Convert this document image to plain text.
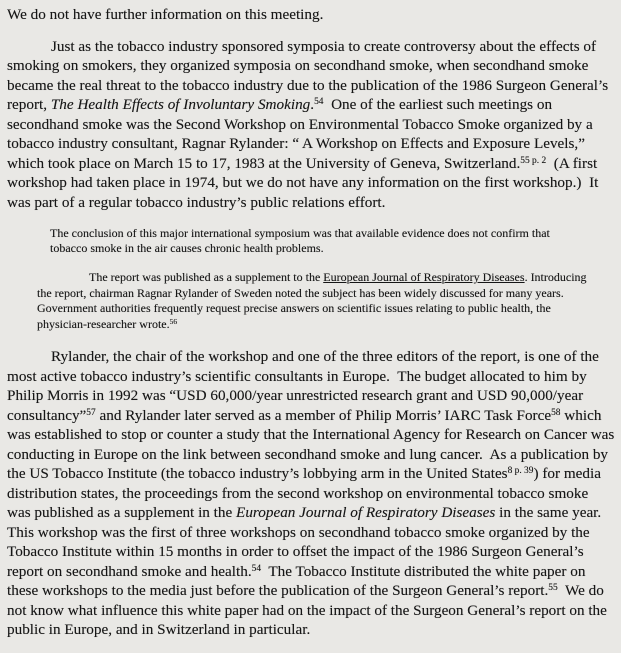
We do not have further information on this meeting.

Just as the tobacco industry sponsored symposia to create controversy about the effects of smoking on smokers, they organized symposia on secondhand smoke, when secondhand smoke became the real threat to the tobacco industry due to the publication of the 1986 Surgeon General’s report, The Health Effects of Involuntary Smoking.$^{54}$  One of the earliest such meetings on secondhand smoke was the Second Workshop on Environmental Tobacco Smoke organized by a tobacco industry consultant, Ragnar Rylander: “ A Workshop on Effects and Exposure Levels,” which took place on March 15 to 17, 1983 at the University of Geneva, Switzerland.$^{55 p. 2}$  (A first workshop had taken place in 1974, but we do not have any information on the first workshop.)  It was part of a regular tobacco industry’s public relations effort.

The conclusion of this major international symposium was that available evidence does not confirm that tobacco smoke in the air causes chronic health problems.

The report was published as a supplement to the European Journal of Respiratory Diseases. Introducing the report, chairman Ragnar Rylander of Sweden noted the subject has been widely discussed for many years. Government authorities frequently request precise answers on scientific issues relating to public health, the physician-researcher wrote.$^{56}$

Rylander, the chair of the workshop and one of the three editors of the report, is one of the most active tobacco industry’s scientific consultants in Europe.  The budget allocated to him by Philip Morris in 1992 was “USD 60,000/year unrestricted research grant and USD 90,000/year consultancy”$^{57}$ and Rylander later served as a member of Philip Morris’ IARC Task Force$^{58}$ which was established to stop or counter a study that the International Agency for Research on Cancer was conducting in Europe on the link between secondhand smoke and lung cancer.  As a publication by the US Tobacco Institute (the tobacco industry’s lobbying arm in the United States$^{8 p. 39}$) for media distribution states, the proceedings from the second workshop on environmental tobacco smoke was published as a supplement in the European Journal of Respiratory Diseases in the same year.  This workshop was the first of three workshops on secondhand tobacco smoke organized by the Tobacco Institute within 15 months in order to offset the impact of the 1986 Surgeon General’s report on secondhand smoke and health.$^{54}$  The Tobacco Institute distributed the white paper on these workshops to the media just before the publication of the Surgeon General’s report.$^{55}$  We do not know what influence this white paper had on the impact of the Surgeon General’s report on the public in Europe, and in Switzerland in particular.
